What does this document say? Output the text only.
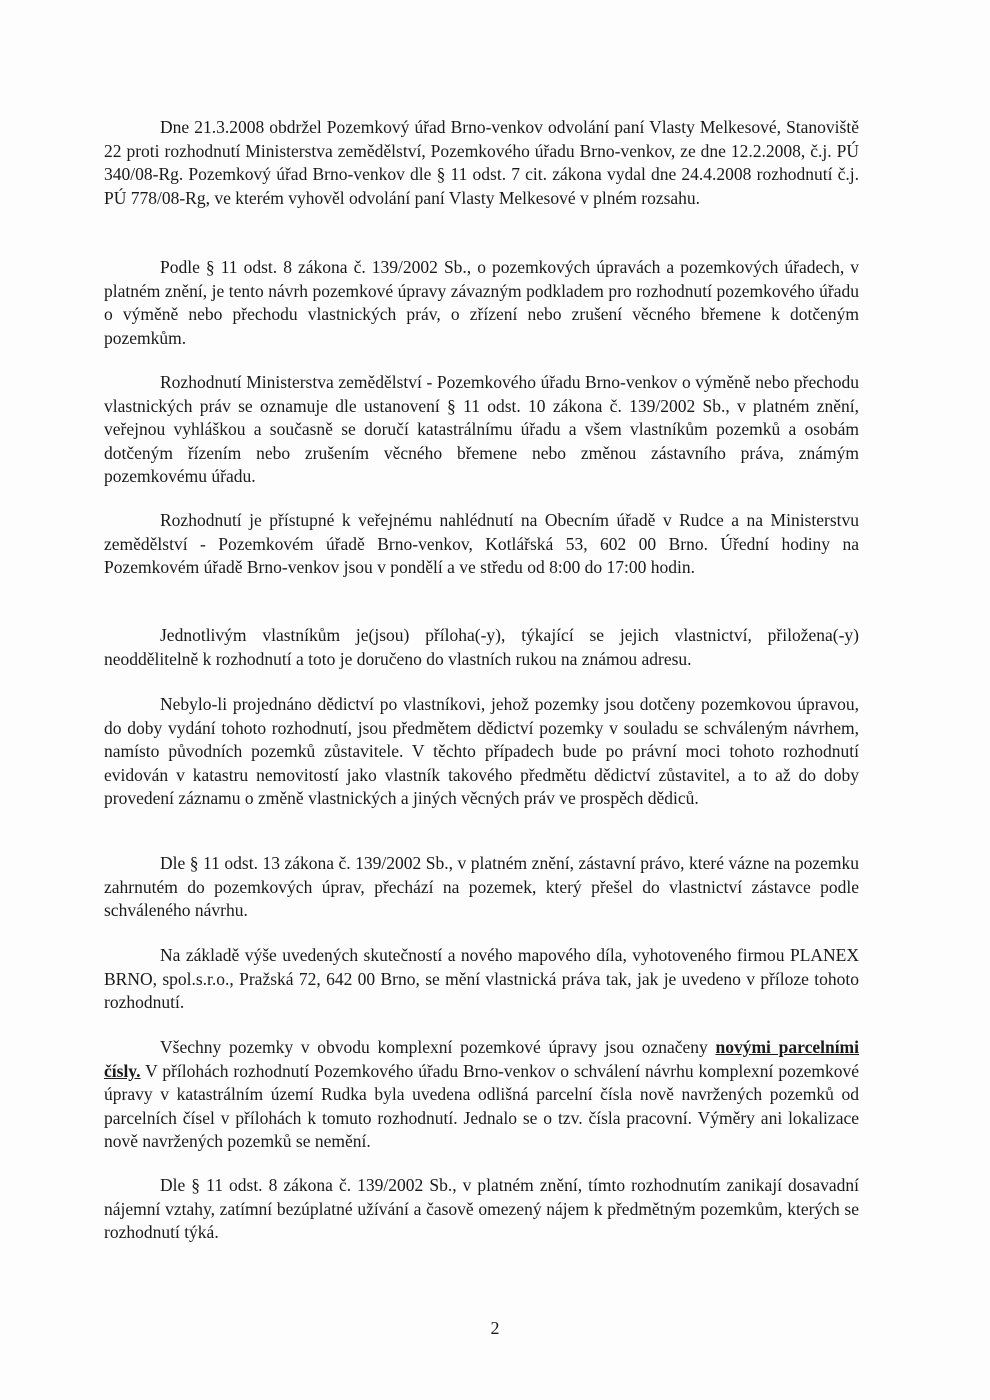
Dne 21.3.2008 obdržel Pozemkový úřad Brno-venkov odvolání paní Vlasty Melkesové, Stanoviště 22 proti rozhodnutí Ministerstva zemědělství, Pozemkového úřadu Brno-venkov, ze dne 12.2.2008, č.j. PÚ 340/08-Rg. Pozemkový úřad Brno-venkov dle § 11 odst. 7 cit. zákona vydal dne 24.4.2008 rozhodnutí č.j. PÚ 778/08-Rg, ve kterém vyhověl odvolání paní Vlasty Melkesové v plném rozsahu.

Podle § 11 odst. 8 zákona č. 139/2002 Sb., o pozemkových úpravách a pozemkových úřadech, v platném znění, je tento návrh pozemkové úpravy závazným podkladem pro rozhodnutí pozemkového úřadu o výměně nebo přechodu vlastnických práv, o zřízení nebo zrušení věcného břemene k dotčeným pozemkům.

Rozhodnutí Ministerstva zemědělství - Pozemkového úřadu Brno-venkov o výměně nebo přechodu vlastnických práv se oznamuje dle ustanovení § 11 odst. 10 zákona č. 139/2002 Sb., v platném znění, veřejnou vyhláškou a současně se doručí katastrálnímu úřadu a všem vlastníkům pozemků a osobám dotčeným řízením nebo zrušením věcného břemene nebo změnou zástavního práva, známým pozemkovému úřadu.

Rozhodnutí je přístupné k veřejnému nahlédnutí na Obecním úřadě v Rudce a na Ministerstvu zemědělství - Pozemkovém úřadě Brno-venkov, Kotlářská 53, 602 00 Brno. Úřední hodiny na Pozemkovém úřadě Brno-venkov jsou v pondělí a ve středu od 8:00 do 17:00 hodin.

Jednotlivým vlastníkům je(jsou) příloha(-y), týkající se jejich vlastnictví, přiložena(-y) neoddělitelně k rozhodnutí a toto je doručeno do vlastních rukou na známou adresu.

Nebylo-li projednáno dědictví po vlastníkovi, jehož pozemky jsou dotčeny pozemkovou úpravou, do doby vydání tohoto rozhodnutí, jsou předmětem dědictví pozemky v souladu se schváleným návrhem, namísto původních pozemků zůstavitele. V těchto případech bude po právní moci tohoto rozhodnutí evidován v katastru nemovitostí jako vlastník takového předmětu dědictví zůstavitel, a to až do doby provedení záznamu o změně vlastnických a jiných věcných práv ve prospěch dědiců.

Dle § 11 odst. 13 zákona č. 139/2002 Sb., v platném znění, zástavní právo, které vázne na pozemku zahrnutém do pozemkových úprav, přechází na pozemek, který přešel do vlastnictví zástavce podle schváleného návrhu.

Na základě výše uvedených skutečností a nového mapového díla, vyhotoveného firmou PLANEX BRNO, spol.s.r.o., Pražská 72, 642 00 Brno, se mění vlastnická práva tak, jak je uvedeno v příloze tohoto rozhodnutí.

Všechny pozemky v obvodu komplexní pozemkové úpravy jsou označeny novými parcelními čísly. V přílohách rozhodnutí Pozemkového úřadu Brno-venkov o schválení návrhu komplexní pozemkové úpravy v katastrálním území Rudka byla uvedena odlišná parcelní čísla nově navržených pozemků od parcelních čísel v přílohách k tomuto rozhodnutí. Jednalo se o tzv. čísla pracovní. Výměry ani lokalizace nově navržených pozemků se nemění.

Dle § 11 odst. 8 zákona č. 139/2002 Sb., v platném znění, tímto rozhodnutím zanikají dosavadní nájemní vztahy, zatímní bezúplatné užívání a časově omezený nájem k předmětným pozemkům, kterých se rozhodnutí týká.

2
